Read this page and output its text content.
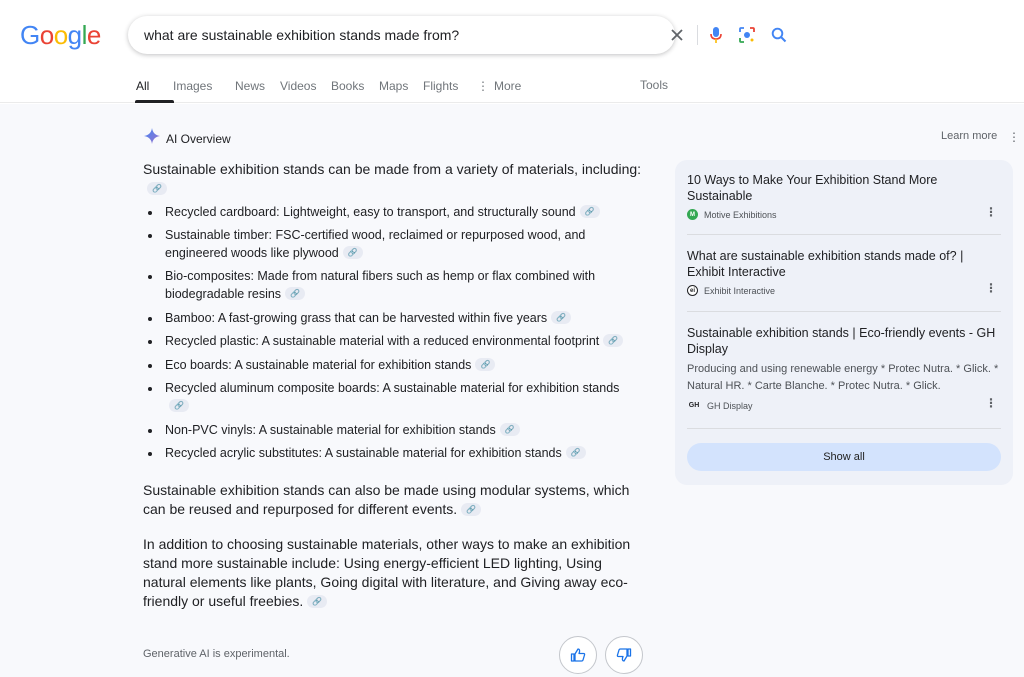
Google	what are sustainable exhibition stands made from?
All	Images	News	Videos	Books	Maps	Flights	⋮ More	Tools
AI Overview	Learn more ⋮
Sustainable exhibition stands can be made from a variety of materials, including:🔗
Recycled cardboard: Lightweight, easy to transport, and structurally sound 🔗
Sustainable timber: FSC-certified wood, reclaimed or repurposed wood, and engineered woods like plywood 🔗
Bio-composites: Made from natural fibers such as hemp or flax combined with biodegradable resins 🔗
Bamboo: A fast-growing grass that can be harvested within five years 🔗
Recycled plastic: A sustainable material with a reduced environmental footprint 🔗
Eco boards: A sustainable material for exhibition stands 🔗
Recycled aluminum composite boards: A sustainable material for exhibition stands🔗
Non-PVC vinyls: A sustainable material for exhibition stands 🔗
Recycled acrylic substitutes: A sustainable material for exhibition stands 🔗
Sustainable exhibition stands can also be made using modular systems, which can be reused and repurposed for different events. 🔗
In addition to choosing sustainable materials, other ways to make an exhibition stand more sustainable include: Using energy-efficient LED lighting, Using natural elements like plants, Going digital with literature, and Giving away eco-friendly or useful freebies. 🔗
Generative AI is experimental.
10 Ways to Make Your Exhibition Stand More Sustainable
M	Motive Exhibitions	⋮
What are sustainable exhibition stands made of? | Exhibit Interactive
ei	Exhibit Interactive	⋮
Sustainable exhibition stands | Eco-friendly events - GH Display
Producing and using renewable energy * Protec Nutra. * Glick. * Natural HR. * Carte Blanche. * Protec Nutra. * Glick.
GH GH Display	⋮
Show all
